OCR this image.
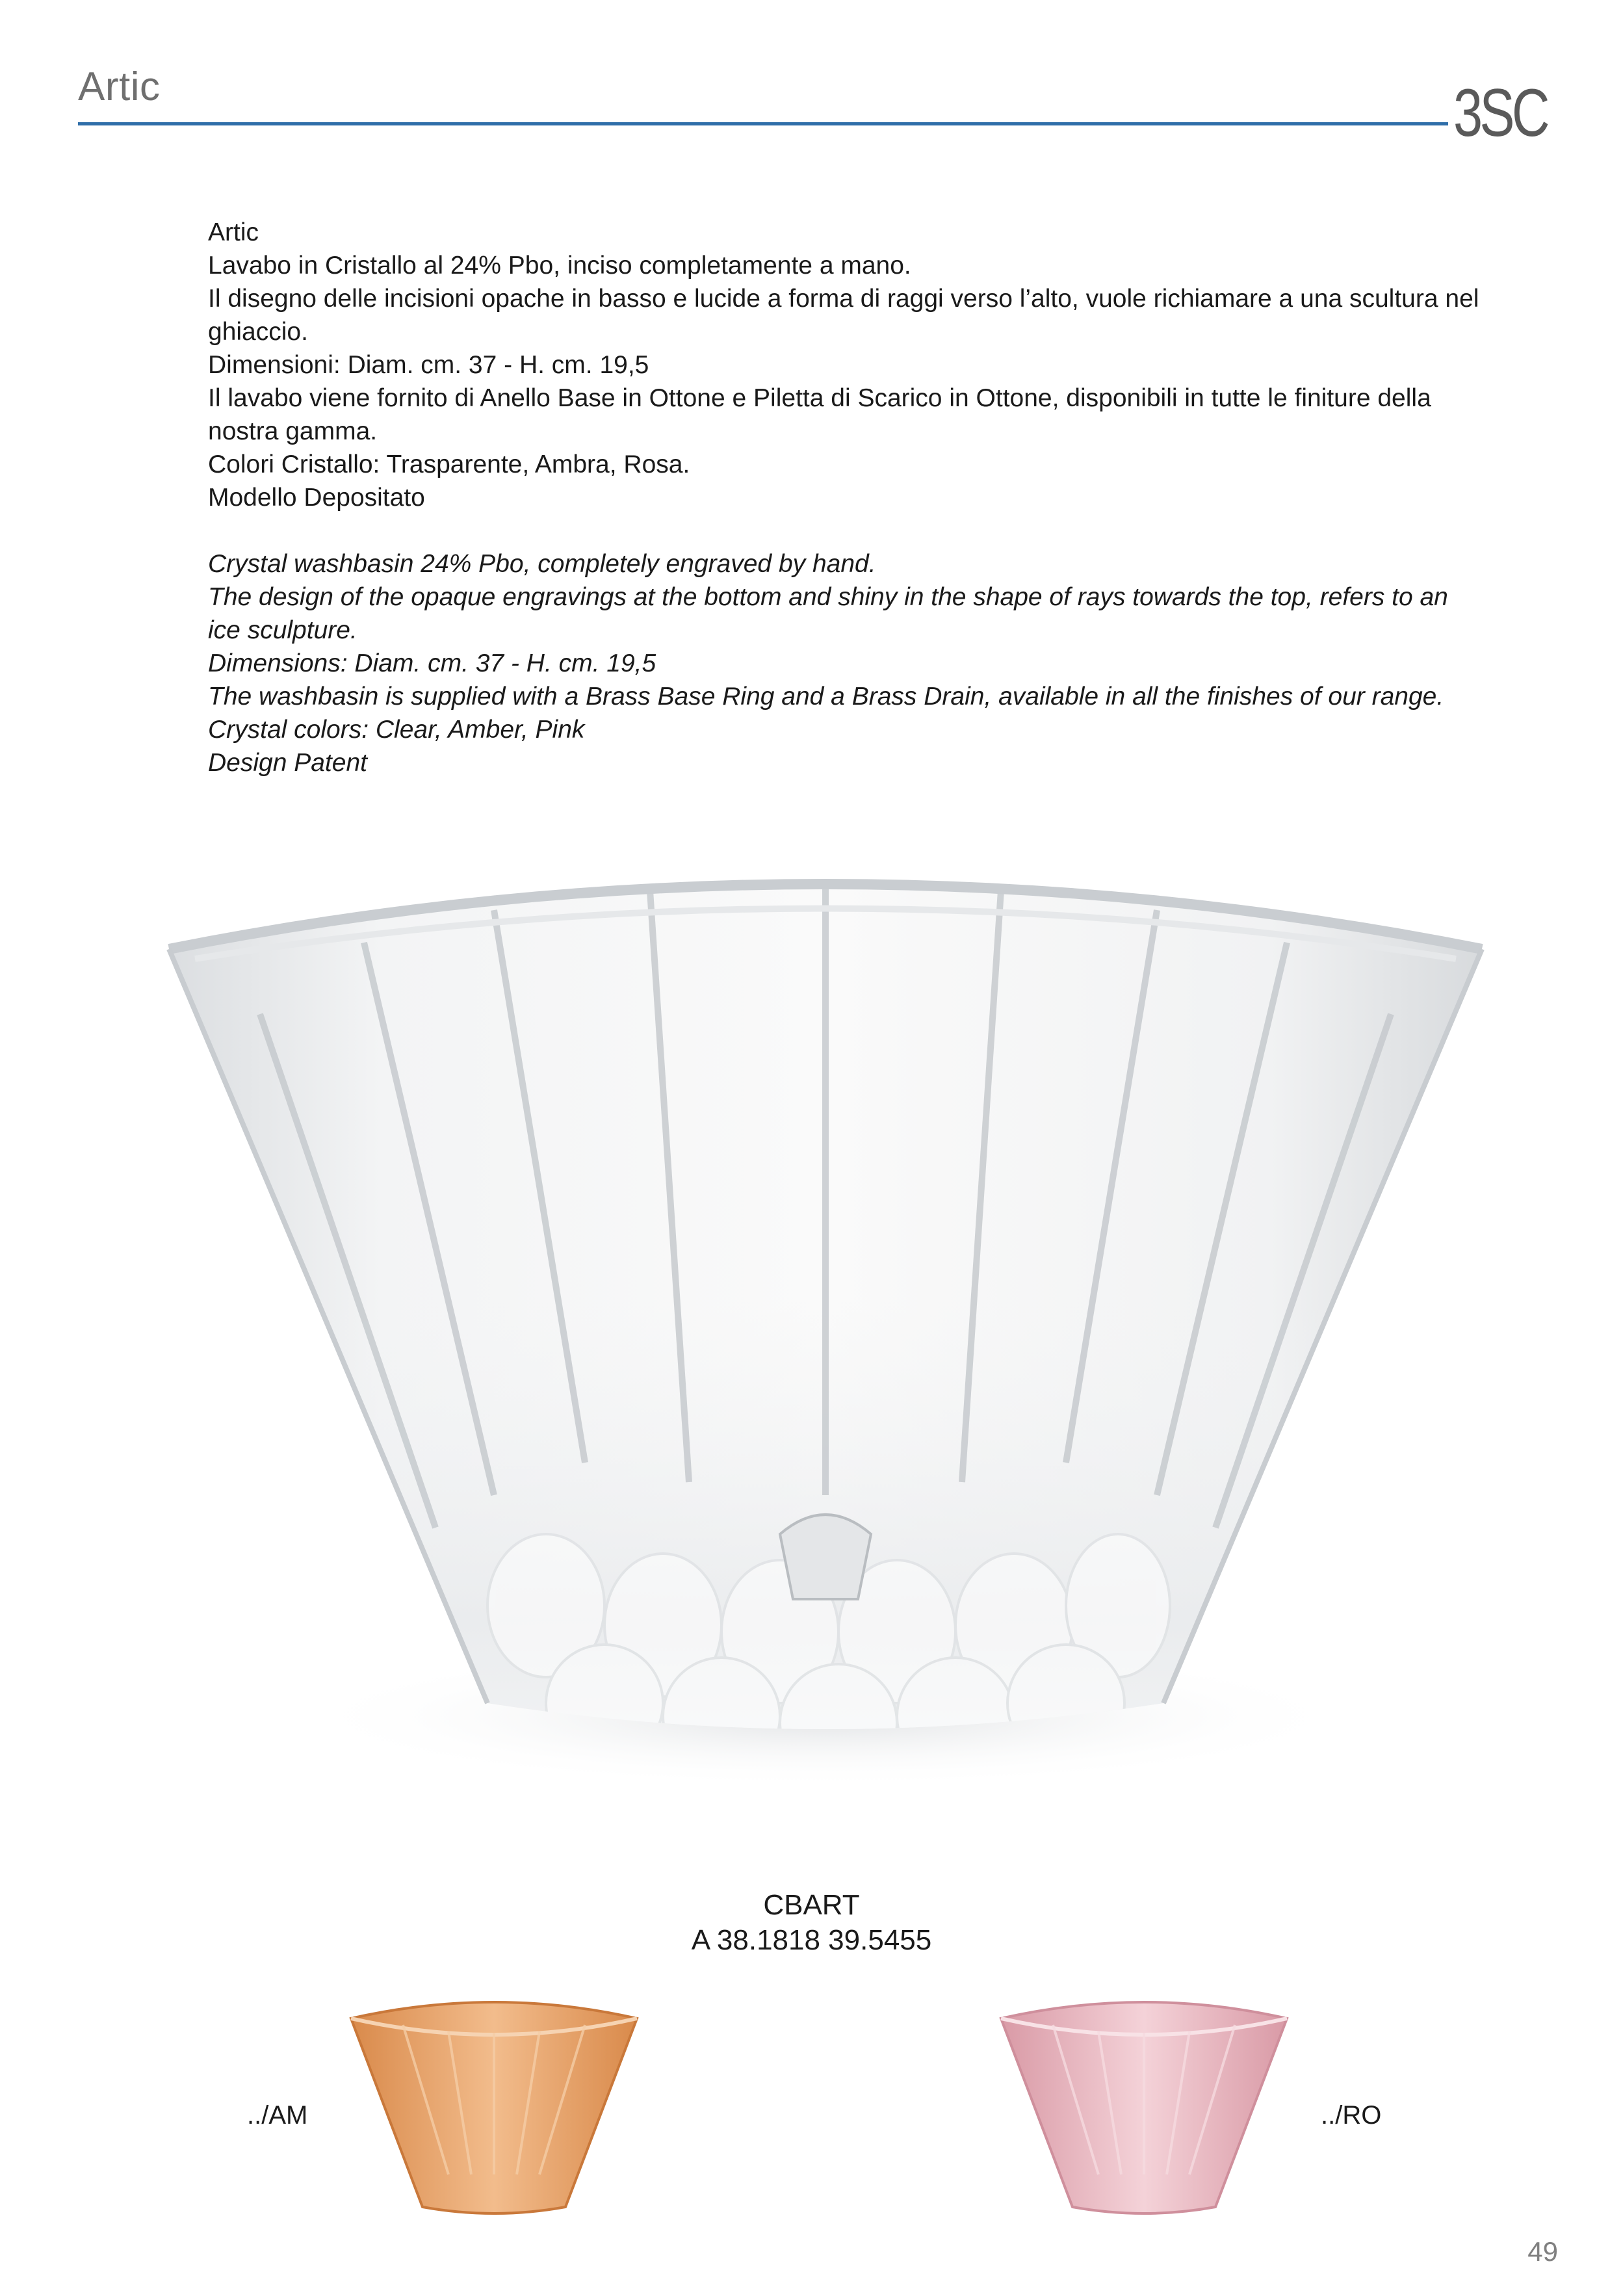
Artic	3SC

Artic

Lavabo in Cristallo al 24% Pbo, inciso completamente a mano.

Il disegno delle incisioni opache in basso e lucide a forma di raggi verso l’alto, vuole richiamare a una scultura nel ghiaccio.

Dimensioni: Diam. cm. 37 - H. cm. 19,5

Il lavabo viene fornito di Anello Base in Ottone e Piletta di Scarico in Ottone, disponibili in tutte le finiture della nostra gamma.

Colori Cristallo: Trasparente, Ambra, Rosa.

Modello Depositato

Crystal washbasin 24% Pbo, completely engraved by hand.

The design of the opaque engravings at the bottom and shiny in the shape of rays towards the top, refers to an ice sculpture.

Dimensions: Diam. cm. 37 - H. cm. 19,5

The washbasin is supplied with a Brass Base Ring and a Brass Drain, available in all the finishes of our range.

Crystal colors: Clear, Amber, Pink

Design Patent

CBART
A 38.1818 39.5455
../AM	../RO
49
